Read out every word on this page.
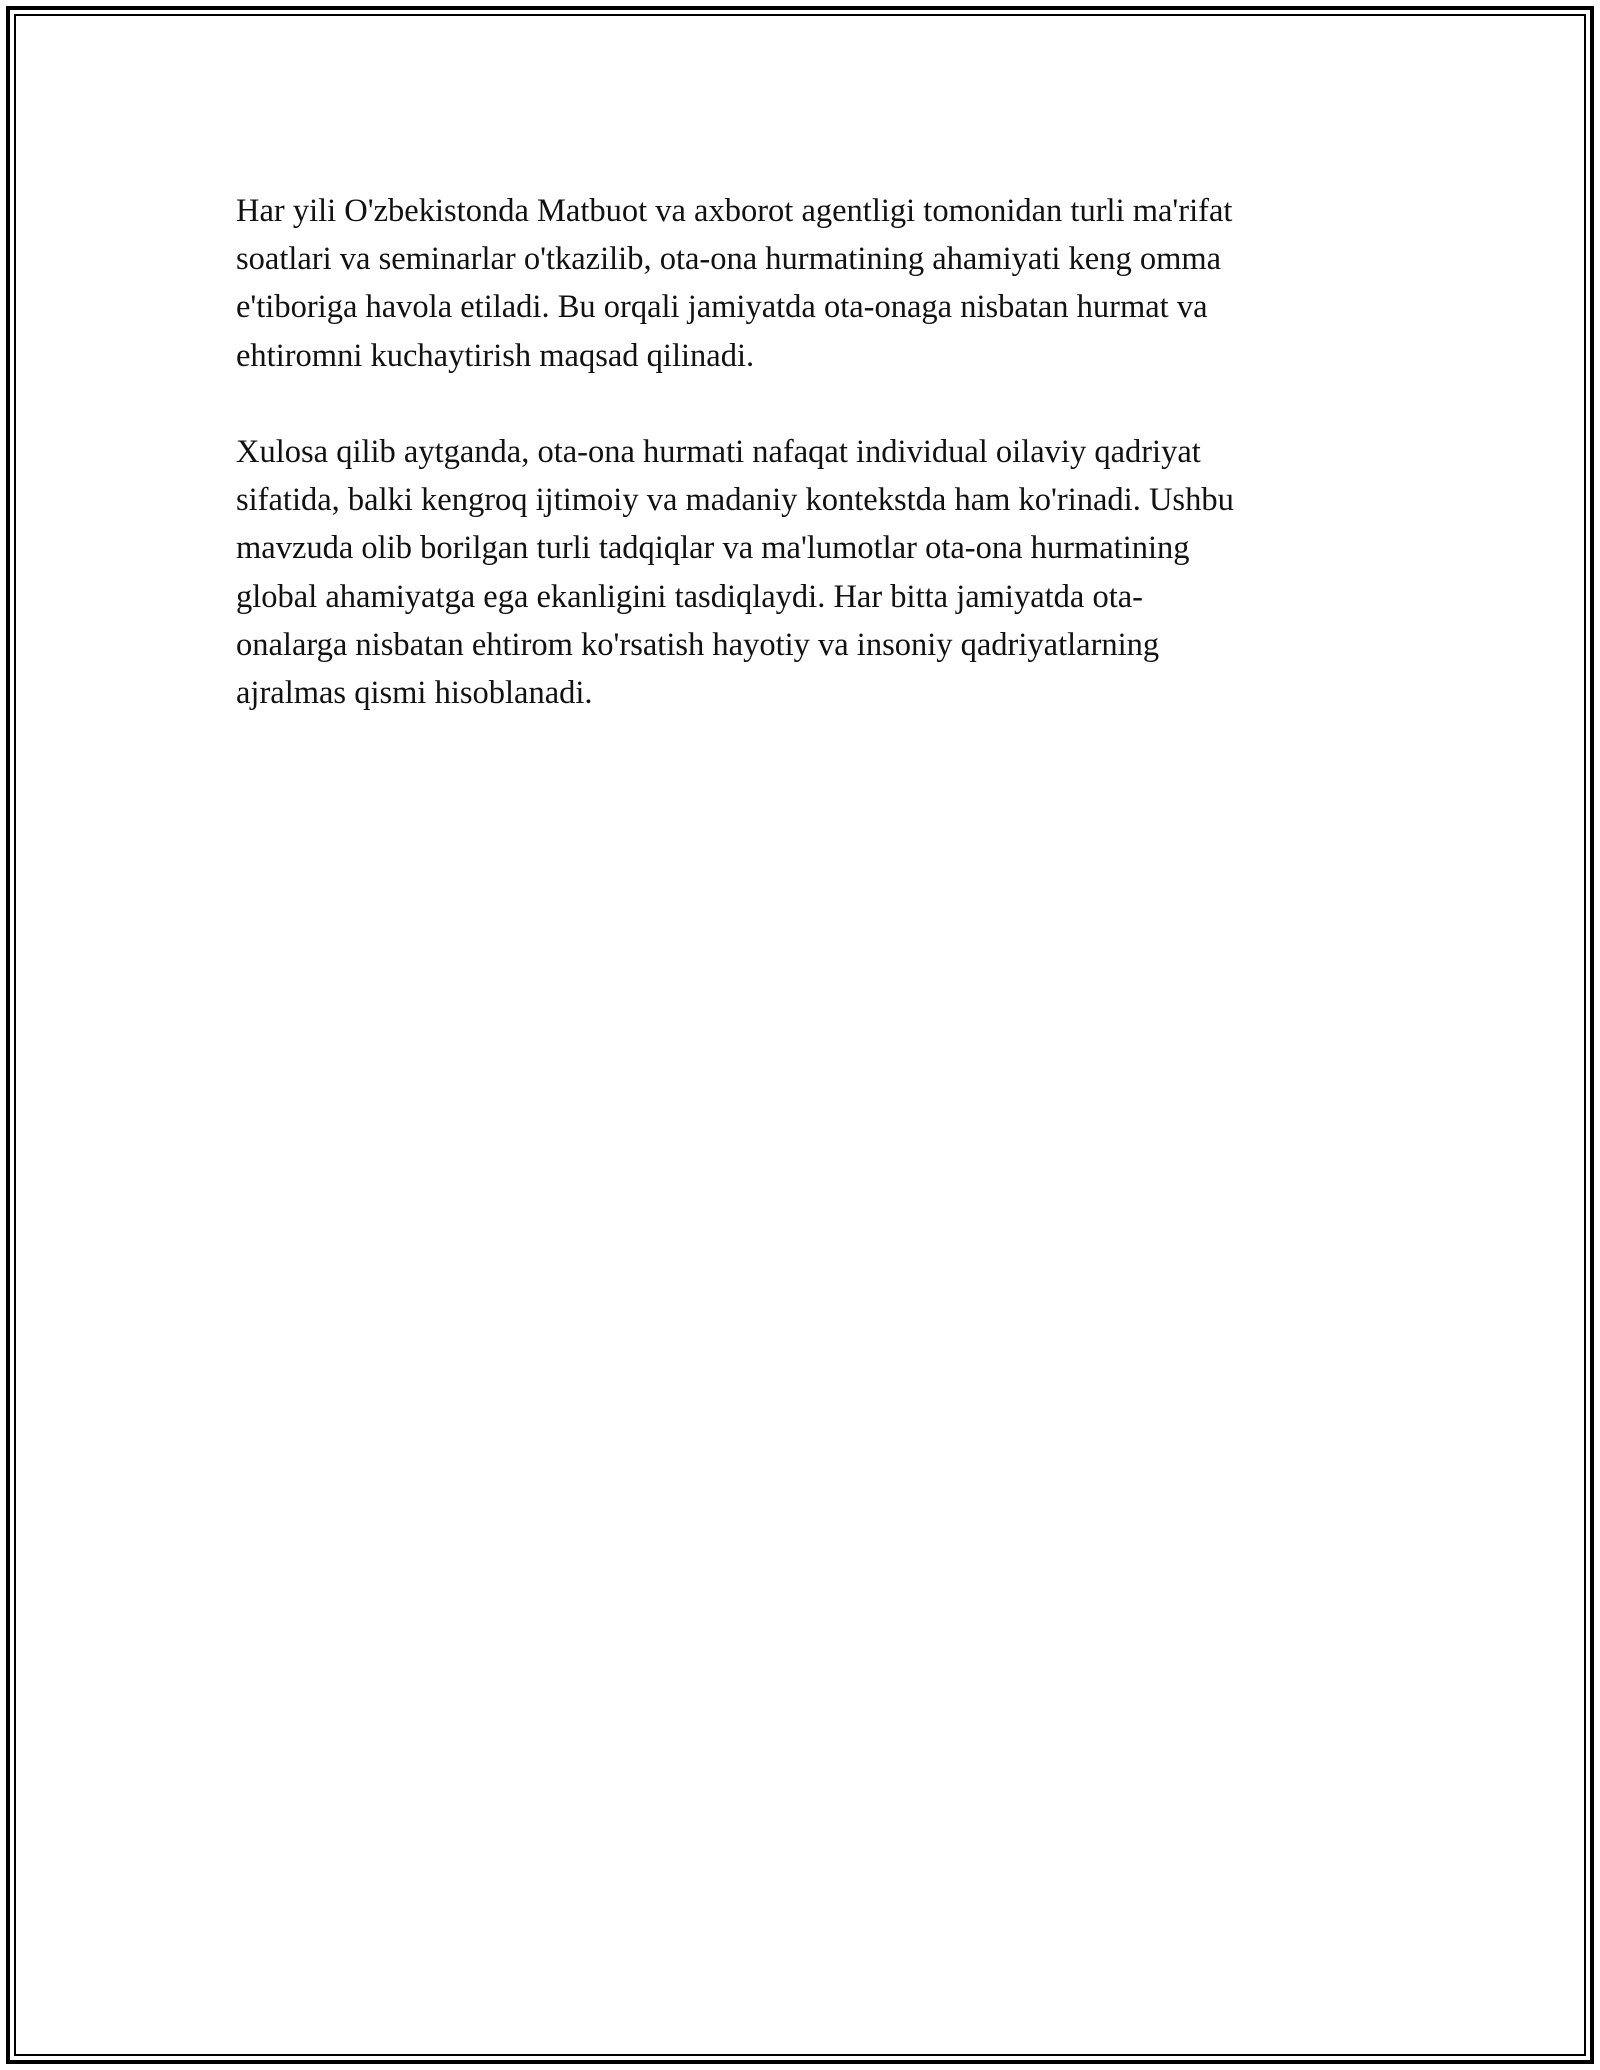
Har yili O'zbekistonda Matbuot va axborot agentligi tomonidan turli ma'rifat
soatlari va seminarlar o'tkazilib, ota-ona hurmatining ahamiyati keng omma
e'tiboriga havola etiladi. Bu orqali jamiyatda ota-onaga nisbatan hurmat va
ehtiromni kuchaytirish maqsad qilinadi.

Xulosa qilib aytganda, ota-ona hurmati nafaqat individual oilaviy qadriyat
sifatida, balki kengroq ijtimoiy va madaniy kontekstda ham ko'rinadi. Ushbu
mavzuda olib borilgan turli tadqiqlar va ma'lumotlar ota-ona hurmatining
global ahamiyatga ega ekanligini tasdiqlaydi. Har bitta jamiyatda ota-
onalarga nisbatan ehtirom ko'rsatish hayotiy va insoniy qadriyatlarning
ajralmas qismi hisoblanadi.
